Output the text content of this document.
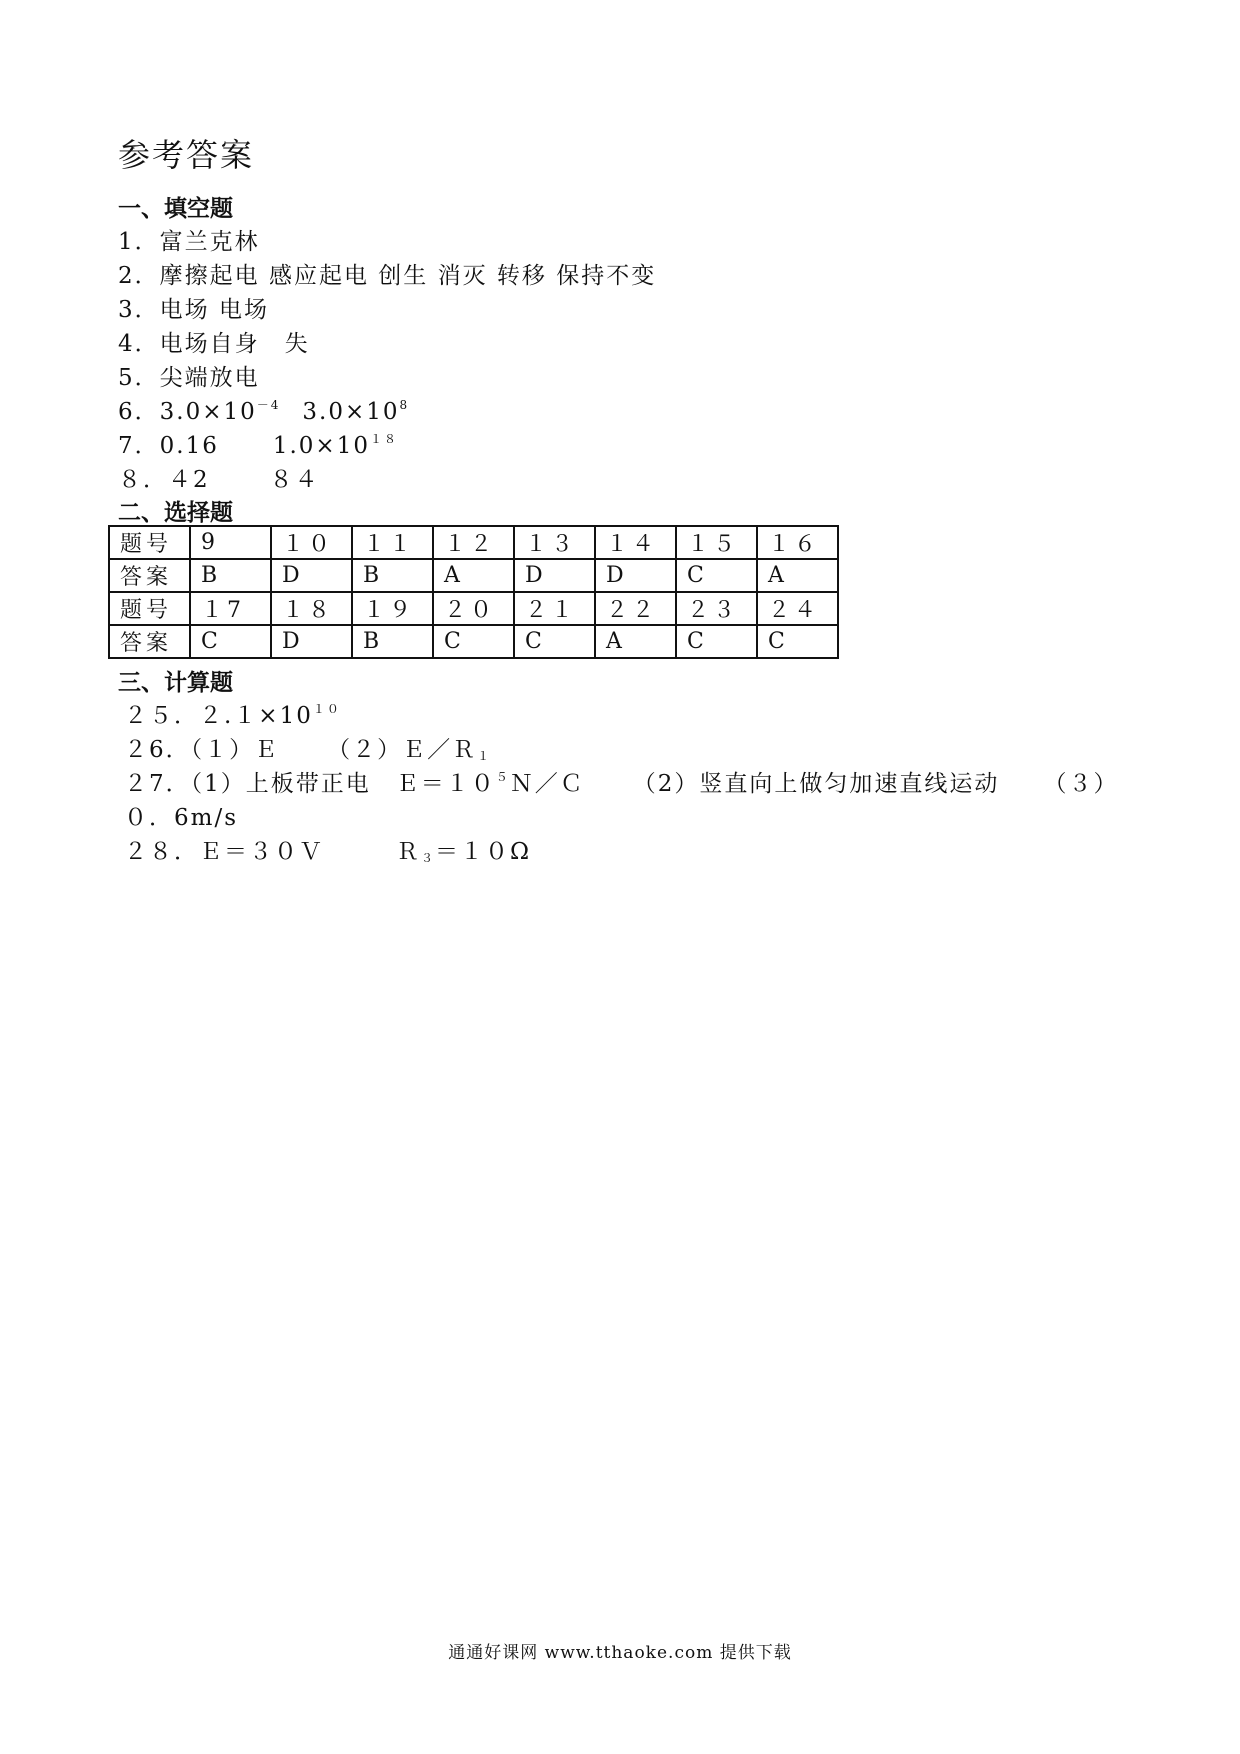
参考答案
一、填空题
1．富兰克林
2．摩擦起电 感应起电 创生 消灭 转移 保持不变
3．电场 电场
4．电场自身　失
5．尖端放电
6．$3.0\times 10^{-4}$ $3.0\times 10^8$
7．0.16 $1.0\times 10^{18}$
８．４2	８４
二、选择题
题号	9	１０	１１	１２	１３	１４	１５	１６
答案	B	D	B	A	D	D	C	A
题号	１7	１８	１９	２０	２１	２２	２３	２４
答案	C	D	B	C	C	A	C	C
三、计算题
２５．$2.1\times 10^{10}$
２6．（１）Ｅ （２）Ｅ／Ｒ$_1$
２7．（1）上板带正电　$E=10^5N/C$ （2）竖直向上做匀加速直线运动 （３）
０．6m/s
２８．Ｅ＝３０Ｖ	Ｒ$_3$＝１０Ω
通通好课网 www.tthaoke.com 提供下载
